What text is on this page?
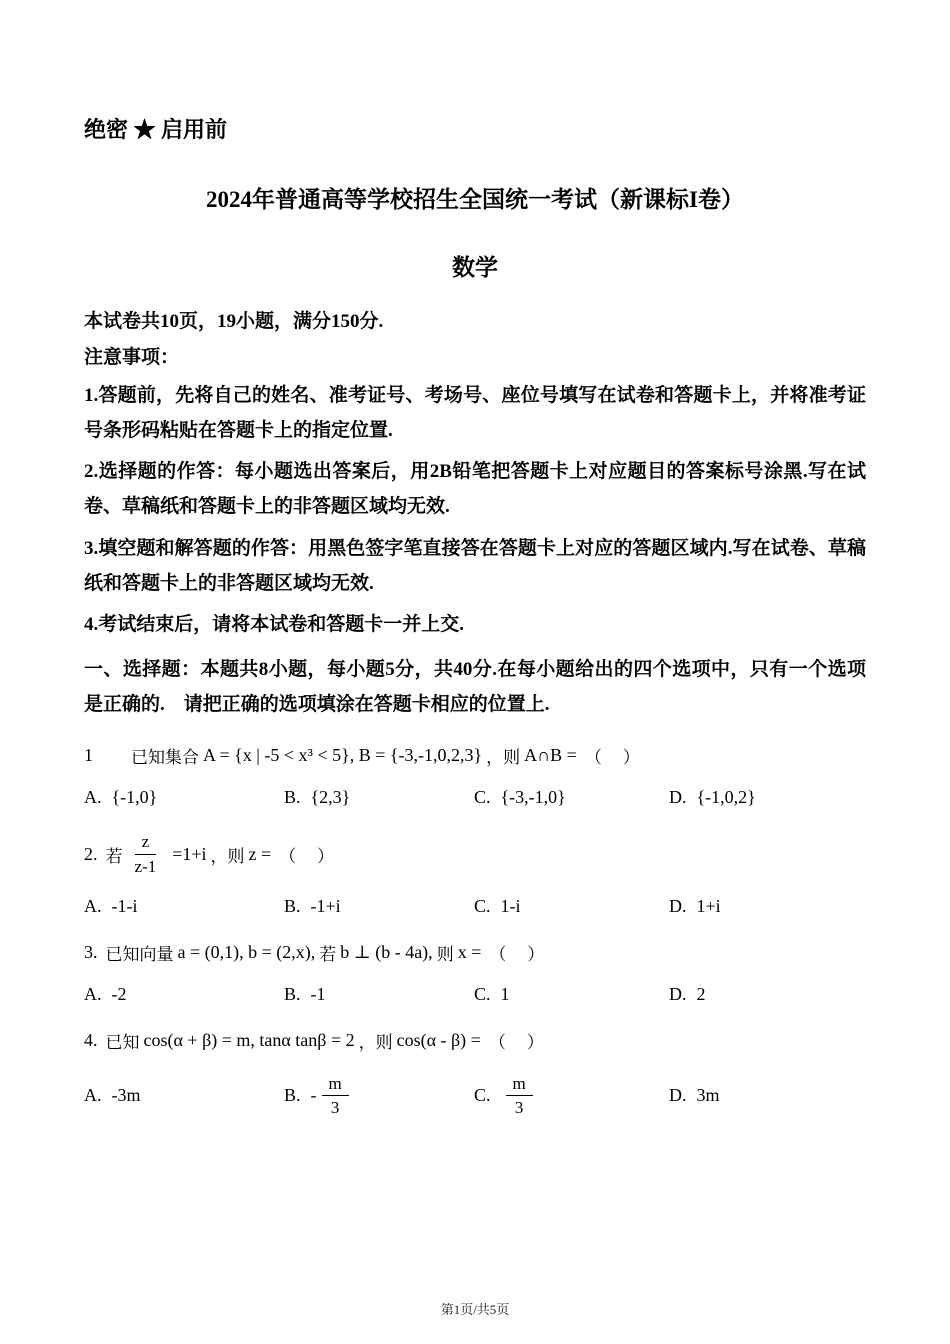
绝密 ★ 启用前
2024年普通高等学校招生全国统一考试（新课标I卷）
数学

本试卷共10页，19小题，满分150分.

注意事项：

1.答题前，先将自己的姓名、准考证号、考场号、座位号填写在试卷和答题卡上，并将准考证号条形码粘贴在答题卡上的指定位置.

2.选择题的作答：每小题选出答案后，用2B铅笔把答题卡上对应题目的答案标号涂黑.写在试卷、草稿纸和答题卡上的非答题区域均无效.

3.填空题和解答题的作答：用黑色签字笔直接答在答题卡上对应的答题区域内.写在试卷、草稿纸和答题卡上的非答题区域均无效.

4.考试结束后，请将本试卷和答题卡一并上交.

一、选择题：本题共8小题，每小题5分，共40分.在每小题给出的四个选项中，只有一个选项是正确的.　请把正确的选项填涂在答题卡相应的位置上.

1 已知集合 A = {x | -5 < x³ < 5}, B = {-3,-1,0,2,3} ，则 A∩B = （　）
A. {-1,0}	B. {2,3}	C. {-3,-1,0}	D. {-1,0,2}
2. 若 $\frac{z}{z-1} =1+i$ ，则 z = （　）
A. -1-i	B. -1+i	C. 1-i	D. 1+i
3. 已知向量 a = (0,1), b = (2,x), 若 b ⊥ (b - 4a), 则 x = （　）
A. -2	B. -1	C. 1	D. 2
4. 已知 cos(α + β) = m, tanα tanβ = 2 ，则 cos(α - β) = （　）
A. -3m	B. - $\frac{m}{3}$	C. $\frac{m}{3}$	D. 3m
第1页/共5页
